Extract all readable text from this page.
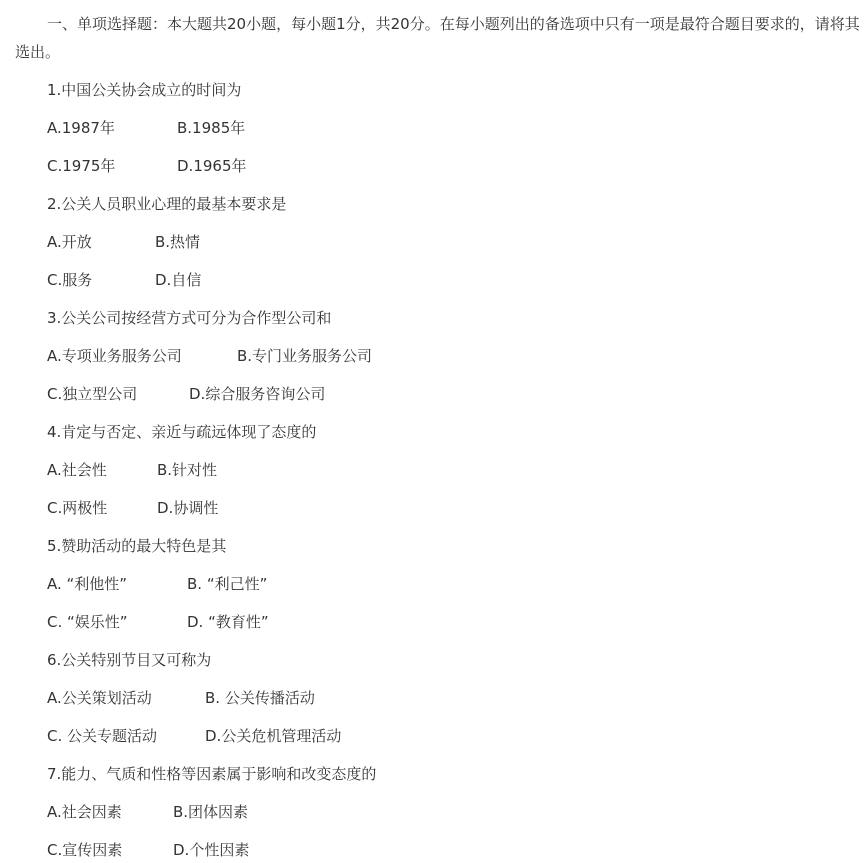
一、单项选择题：本大题共20小题，每小题1分，共20分。在每小题列出的备选项中只有一项是最符合题目要求的，请将其选出。

1.中国公关协会成立的时间为

A.1987年	B.1985年

C.1975年	D.1965年

2.公关人员职业心理的最基本要求是

A.开放	B.热情

C.服务	D.自信

3.公关公司按经营方式可分为合作型公司和

A.专项业务服务公司	B.专门业务服务公司

C.独立型公司	D.综合服务咨询公司

4.肯定与否定、亲近与疏远体现了态度的

A.社会性	B.针对性

C.两极性	D.协调性

5.赞助活动的最大特色是其

A. “利他性”	B. “利己性”

C. “娱乐性”	D. “教育性”

6.公关特别节目又可称为

A.公关策划活动	B. 公关传播活动

C. 公关专题活动	D.公关危机管理活动

7.能力、气质和性格等因素属于影响和改变态度的

A.社会因素	B.团体因素

C.宣传因素	D.个性因素
